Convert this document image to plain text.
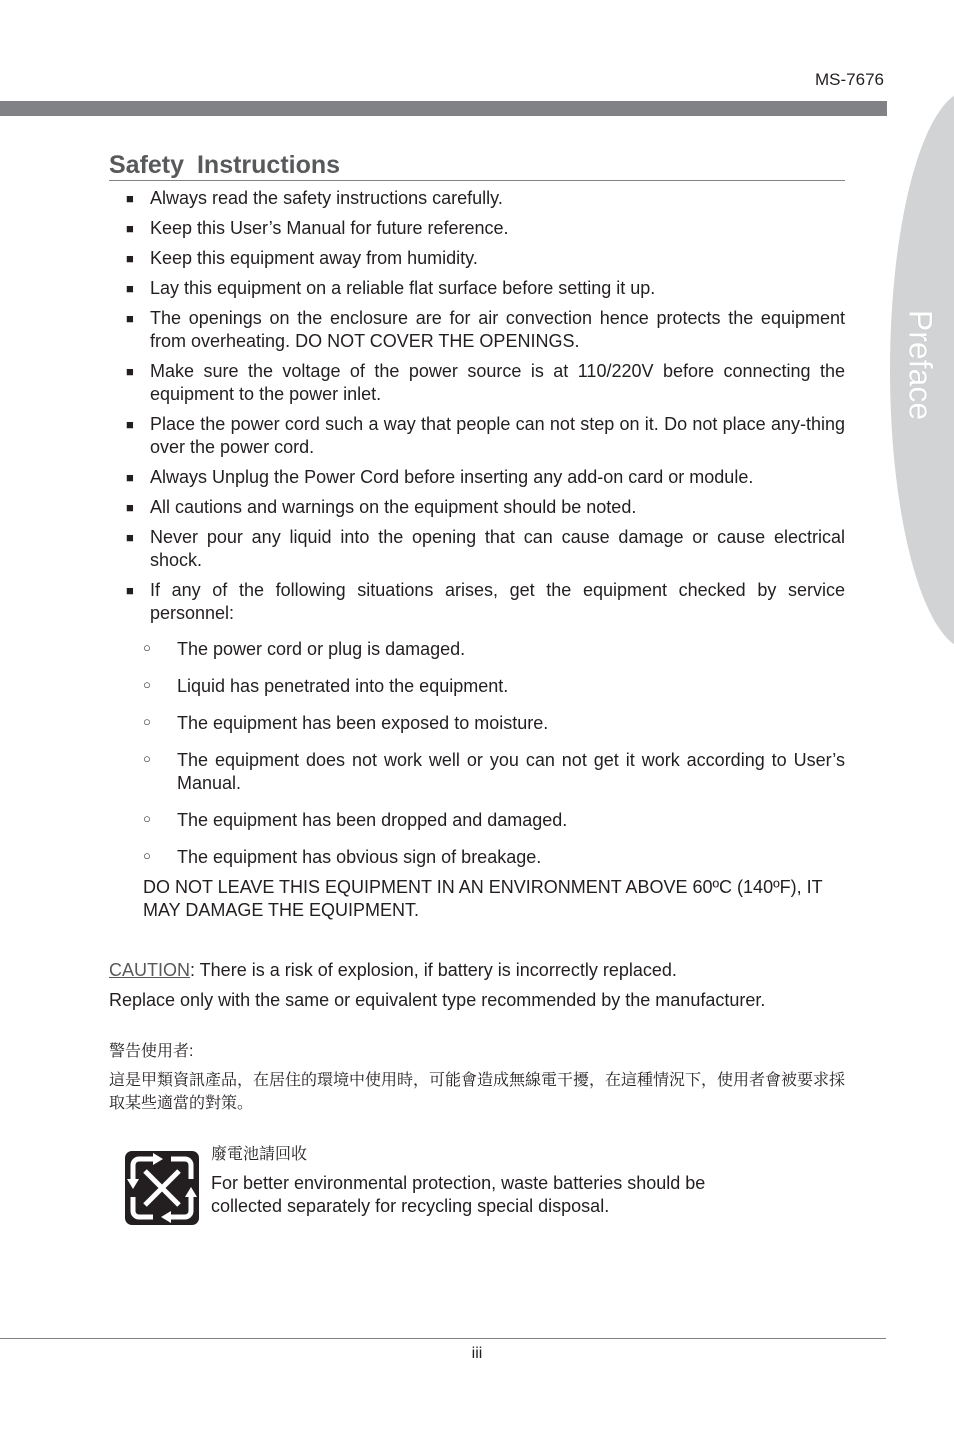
MS-7676
Preface
Safety Instructions
■ Always read the safety instructions carefully.
■ Keep this User’s Manual for future reference.
■ Keep this equipment away from humidity.
■ Lay this equipment on a reliable flat surface before setting it up.
■ The openings on the enclosure are for air convection hence protects the equipment from overheating. DO NOT COVER THE OPENINGS.
■ Make sure the voltage of the power source is at 110/220V before connecting the equipment to the power inlet.
■ Place the power cord such a way that people can not step on it. Do not place any-thing over the power cord.
■ Always Unplug the Power Cord before inserting any add-on card or module.
■ All cautions and warnings on the equipment should be noted.
■ Never pour any liquid into the opening that can cause damage or cause electrical shock.
■ If any of the following situations arises, get the equipment checked by service personnel:
○	The power cord or plug is damaged.
○	Liquid has penetrated into the equipment.
○	The equipment has been exposed to moisture.
○	The equipment does not work well or you can not get it work according to User’s Manual.
○	The equipment has been dropped and damaged.
○	The equipment has obvious sign of breakage.
DO NOT LEAVE THIS EQUIPMENT IN AN ENVIRONMENT ABOVE 60ºC (140ºF), IT MAY DAMAGE THE EQUIPMENT.
CAUTION: There is a risk of explosion, if battery is incorrectly replaced.
Replace only with the same or equivalent type recommended by the manufacturer.
警告使用者:
這是甲類資訊產品，在居住的環境中使用時，可能會造成無線電干擾，在這種情況下，使用者會被要求採取某些適當的對策。
廢電池請回收
For better environmental protection, waste batteries should be collected separately for recycling special disposal.
iii
